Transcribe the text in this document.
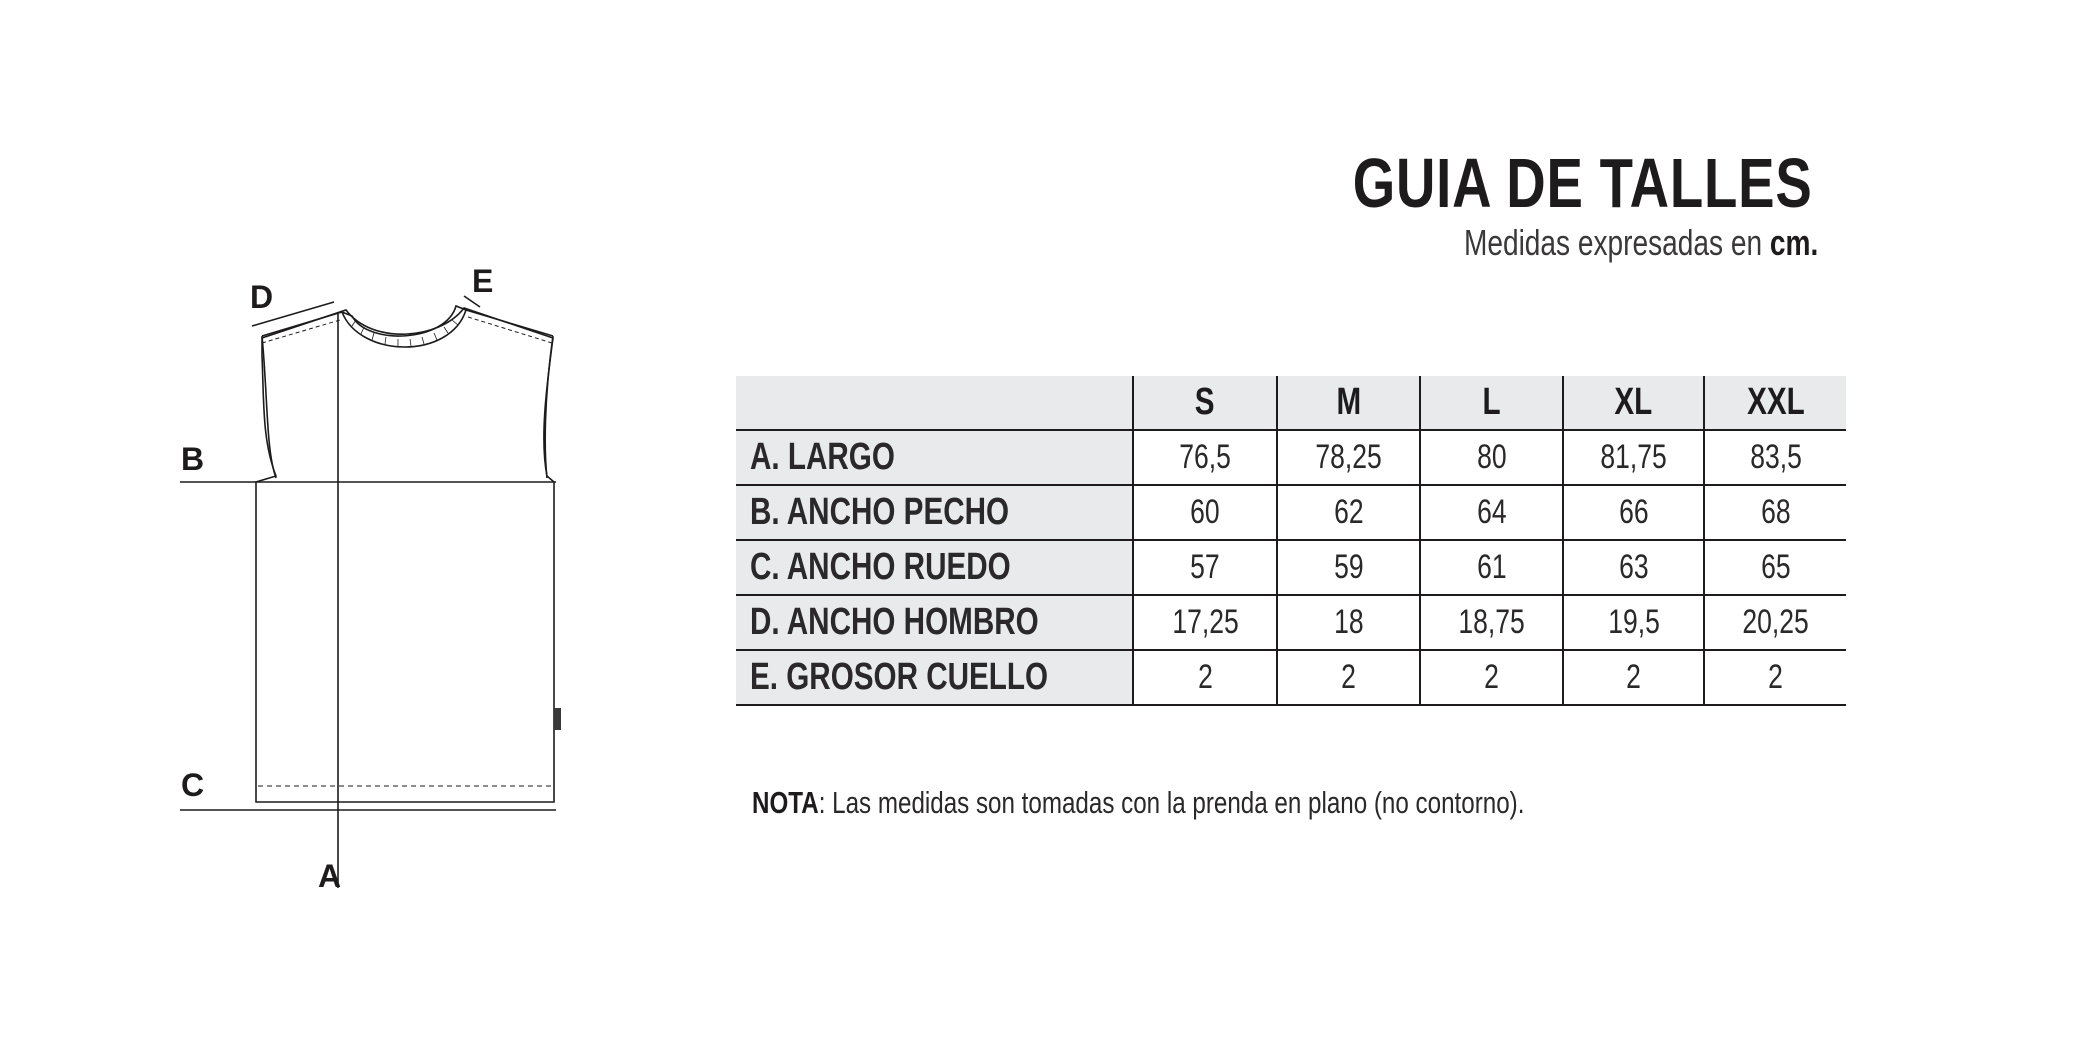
A
B
C
D	E
GUIA DE TALLES
Medidas expresadas en cm.
	S	M	L	XL	XXL
A. LARGO	76,5	78,25	80	81,75	83,5
B. ANCHO PECHO	60	62	64	66	68
C. ANCHO RUEDO	57	59	61	63	65
D. ANCHO HOMBRO	17,25	18	18,75	19,5	20,25
E. GROSOR CUELLO	2	2	2	2	2
NOTA: Las medidas son tomadas con la prenda en plano (no contorno).
